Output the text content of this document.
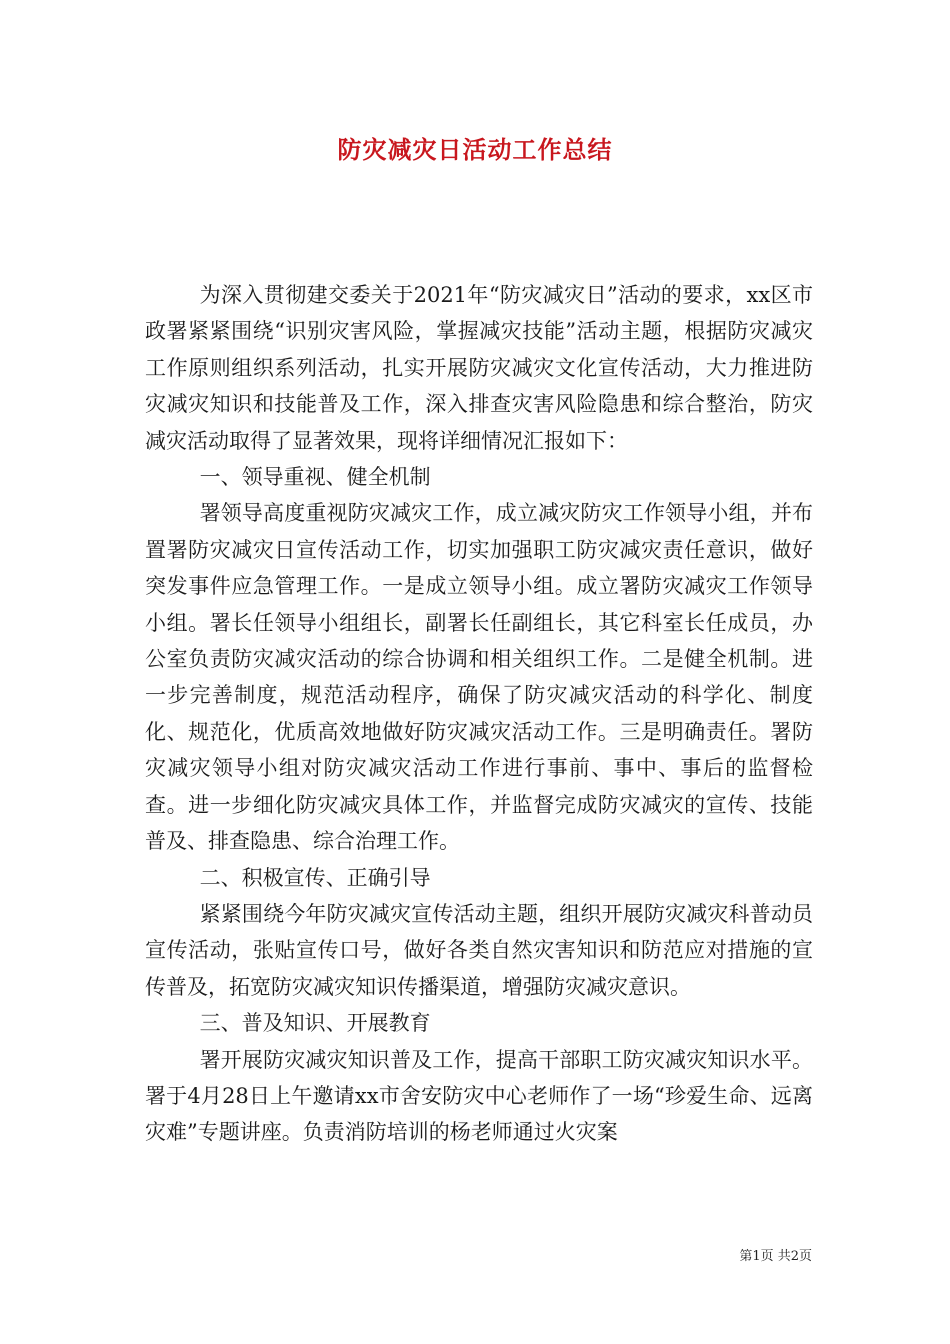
防灾减灾日活动工作总结

为深入贯彻建交委关于2021年“防灾减灾日”活动的要求，xx区市政署紧紧围绕“识别灾害风险，掌握减灾技能”活动主题，根据防灾减灾工作原则组织系列活动，扎实开展防灾减灾文化宣传活动，大力推进防灾减灾知识和技能普及工作，深入排查灾害风险隐患和综合整治，防灾减灾活动取得了显著效果，现将详细情况汇报如下：

一、领导重视、健全机制

署领导高度重视防灾减灾工作，成立减灾防灾工作领导小组，并布置署防灾减灾日宣传活动工作，切实加强职工防灾减灾责任意识，做好突发事件应急管理工作。一是成立领导小组。成立署防灾减灾工作领导小组。署长任领导小组组长，副署长任副组长，其它科室长任成员，办公室负责防灾减灾活动的综合协调和相关组织工作。二是健全机制。进一步完善制度，规范活动程序，确保了防灾减灾活动的科学化、制度化、规范化，优质高效地做好防灾减灾活动工作。三是明确责任。署防灾减灾领导小组对防灾减灾活动工作进行事前、事中、事后的监督检查。进一步细化防灾减灾具体工作，并监督完成防灾减灾的宣传、技能普及、排查隐患、综合治理工作。

二、积极宣传、正确引导

紧紧围绕今年防灾减灾宣传活动主题，组织开展防灾减灾科普动员宣传活动，张贴宣传口号，做好各类自然灾害知识和防范应对措施的宣传普及，拓宽防灾减灾知识传播渠道，增强防灾减灾意识。

三、普及知识、开展教育

署开展防灾减灾知识普及工作，提高干部职工防灾减灾知识水平。署于4月28日上午邀请xx市舍安防灾中心老师作了一场“珍爱生命、远离灾难”专题讲座。负责消防培训的杨老师通过火灾案

第1页 共2页
